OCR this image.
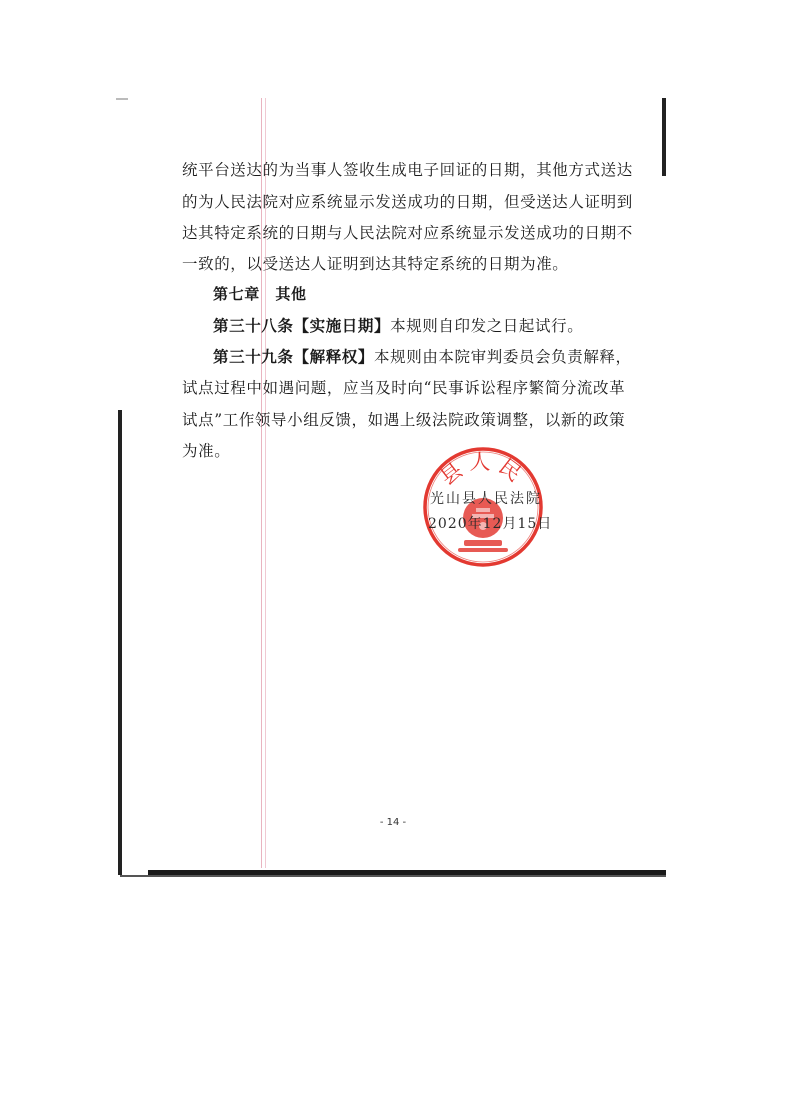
统平台送达的为当事人签收生成电子回证的日期，其他方式送达
的为人民法院对应系统显示发送成功的日期，但受送达人证明到
达其特定系统的日期与人民法院对应系统显示发送成功的日期不
一致的，以受送达人证明到达其特定系统的日期为准。
第七章　其他
第三十八条【实施日期】本规则自印发之日起试行。
第三十九条【解释权】本规则由本院审判委员会负责解释，
试点过程中如遇问题，应当及时向“民事诉讼程序繁简分流改革
试点”工作领导小组反馈，如遇上级法院政策调整，以新的政策
为准。
县人民
光山县人民法院
2020年12月15日
- 14 -
